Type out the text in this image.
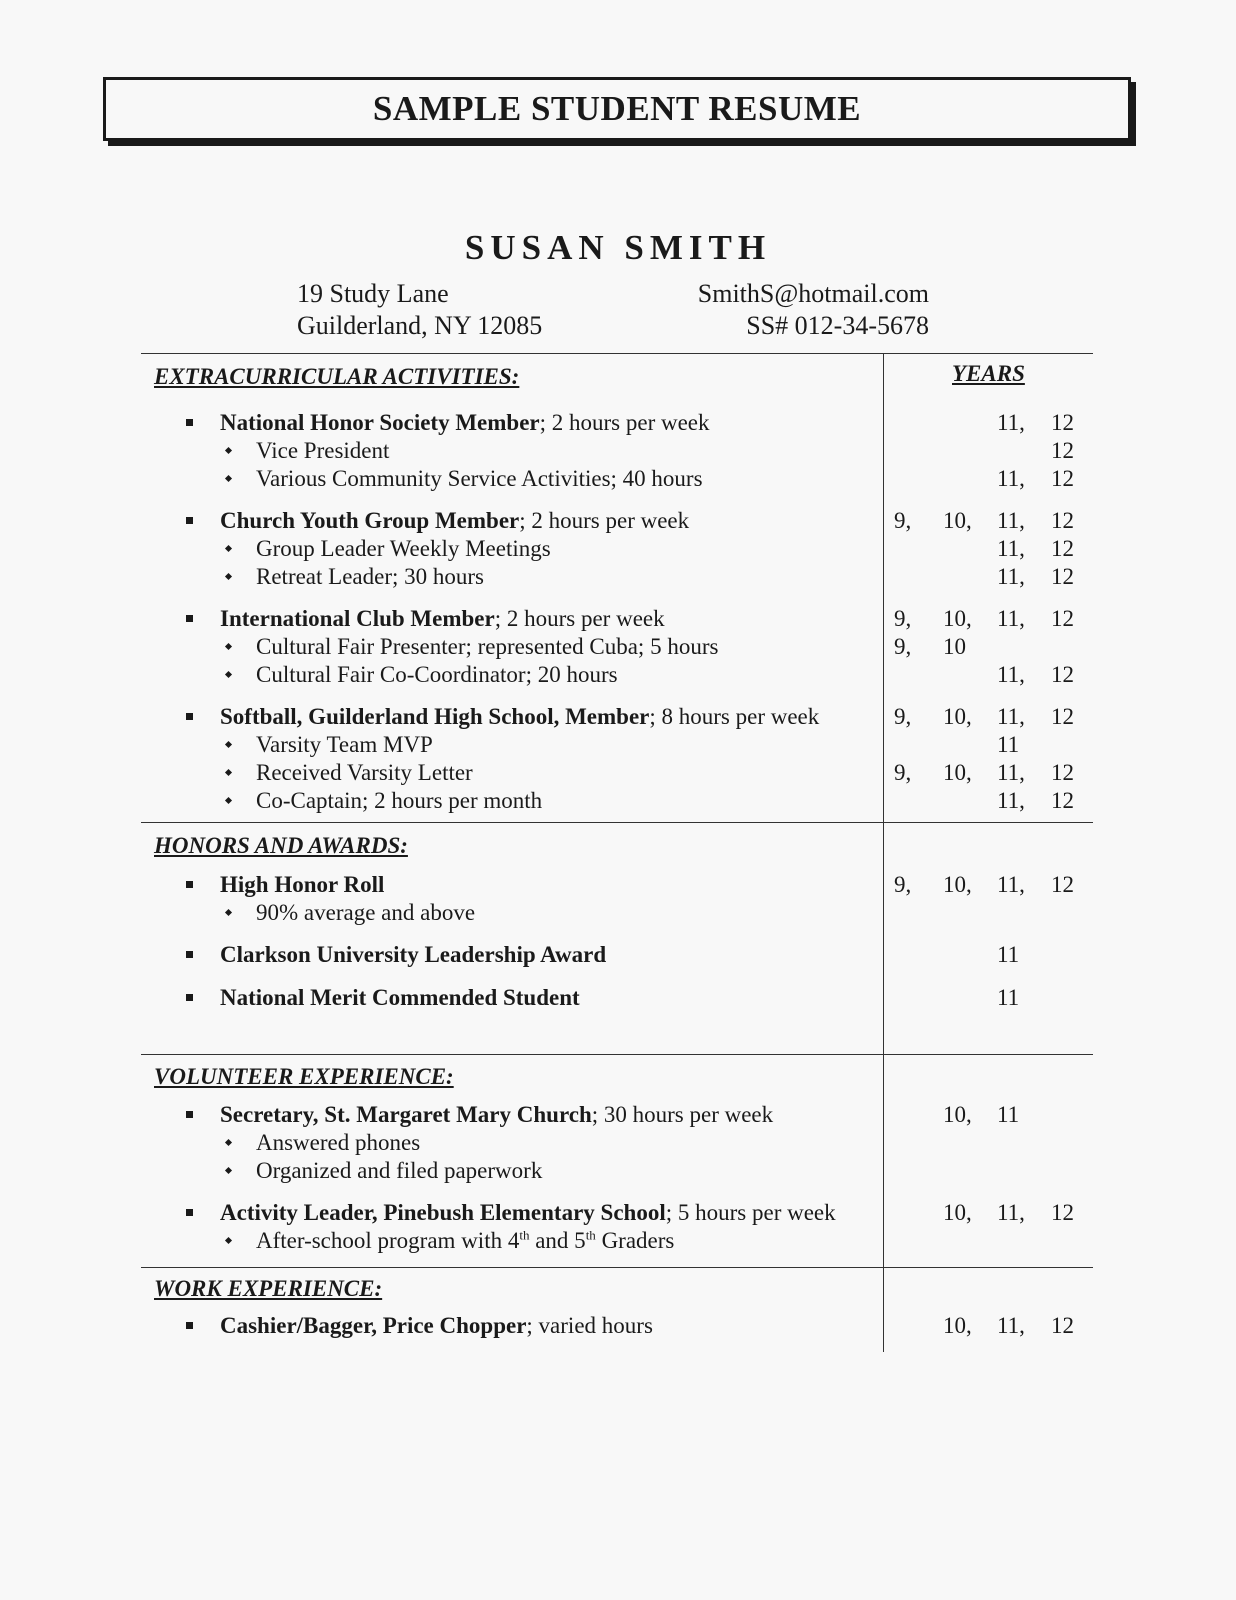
SAMPLE STUDENT RESUME
SUSAN SMITH
19 Study Lane
Guilderland, NY 12085
SmithS@hotmail.com
SS# 012-34-5678
YEARS
EXTRACURRICULAR ACTIVITIES:
National Honor Society Member; 2 hours per week	11, 12
Vice President	12
Various Community Service Activities; 40 hours	11, 12
Church Youth Group Member; 2 hours per week	9, 10, 11, 12
Group Leader Weekly Meetings	11, 12
Retreat Leader; 30 hours	11, 12
International Club Member; 2 hours per week	9, 10, 11, 12
Cultural Fair Presenter; represented Cuba; 5 hours	9, 10
Cultural Fair Co-Coordinator; 20 hours	11, 12
Softball, Guilderland High School, Member; 8 hours per week	9, 10, 11, 12
Varsity Team MVP	11
Received Varsity Letter	9, 10, 11, 12
Co-Captain; 2 hours per month	11, 12
HONORS AND AWARDS:
High Honor Roll	9, 10, 11, 12
90% average and above
Clarkson University Leadership Award	11
National Merit Commended Student	11
VOLUNTEER EXPERIENCE:
Secretary, St. Margaret Mary Church; 30 hours per week	10, 11
Answered phones
Organized and filed paperwork
Activity Leader, Pinebush Elementary School; 5 hours per week	10, 11, 12
After-school program with 4th and 5th Graders
WORK EXPERIENCE:
Cashier/Bagger, Price Chopper; varied hours	10, 11, 12
